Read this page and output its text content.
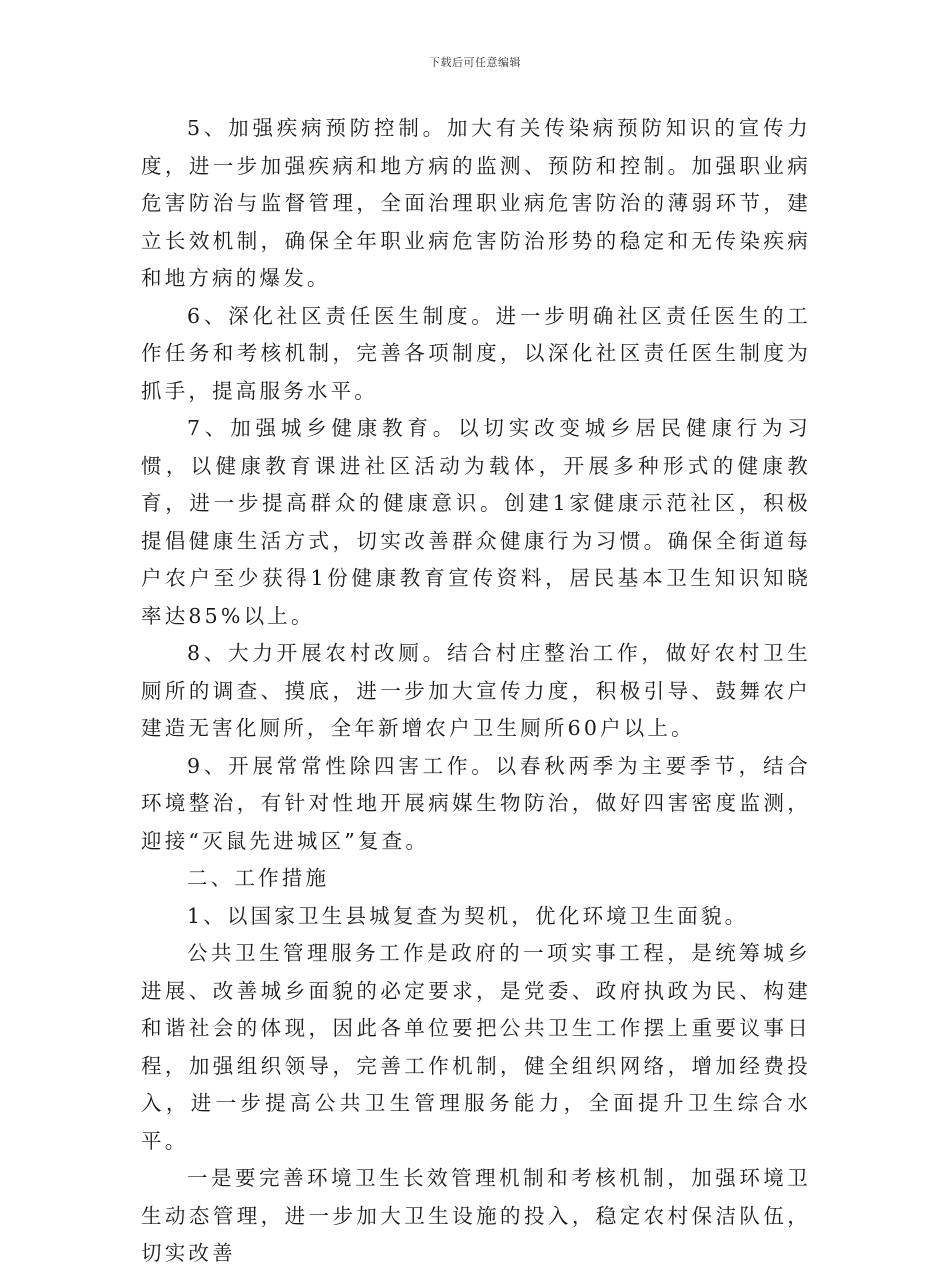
下载后可任意编辑

5、加强疾病预防控制。加大有关传染病预防知识的宣传力度，进一步加强疾病和地方病的监测、预防和控制。加强职业病危害防治与监督管理，全面治理职业病危害防治的薄弱环节，建立长效机制，确保全年职业病危害防治形势的稳定和无传染疾病和地方病的爆发。

6、深化社区责任医生制度。进一步明确社区责任医生的工作任务和考核机制，完善各项制度，以深化社区责任医生制度为抓手，提高服务水平。

7、加强城乡健康教育。以切实改变城乡居民健康行为习惯，以健康教育课进社区活动为载体，开展多种形式的健康教育，进一步提高群众的健康意识。创建1家健康示范社区，积极提倡健康生活方式，切实改善群众健康行为习惯。确保全街道每户农户至少获得1份健康教育宣传资料，居民基本卫生知识知晓率达85%以上。

8、大力开展农村改厕。结合村庄整治工作，做好农村卫生厕所的调查、摸底，进一步加大宣传力度，积极引导、鼓舞农户建造无害化厕所，全年新增农户卫生厕所60户以上。

9、开展常常性除四害工作。以春秋两季为主要季节，结合环境整治，有针对性地开展病媒生物防治，做好四害密度监测，迎接“灭鼠先进城区”复查。

二、工作措施

1、以国家卫生县城复查为契机，优化环境卫生面貌。

公共卫生管理服务工作是政府的一项实事工程，是统筹城乡进展、改善城乡面貌的必定要求，是党委、政府执政为民、构建和谐社会的体现，因此各单位要把公共卫生工作摆上重要议事日程，加强组织领导，完善工作机制，健全组织网络，增加经费投入，进一步提高公共卫生管理服务能力，全面提升卫生综合水平。

一是要完善环境卫生长效管理机制和考核机制，加强环境卫生动态管理，进一步加大卫生设施的投入，稳定农村保洁队伍，切实改善
